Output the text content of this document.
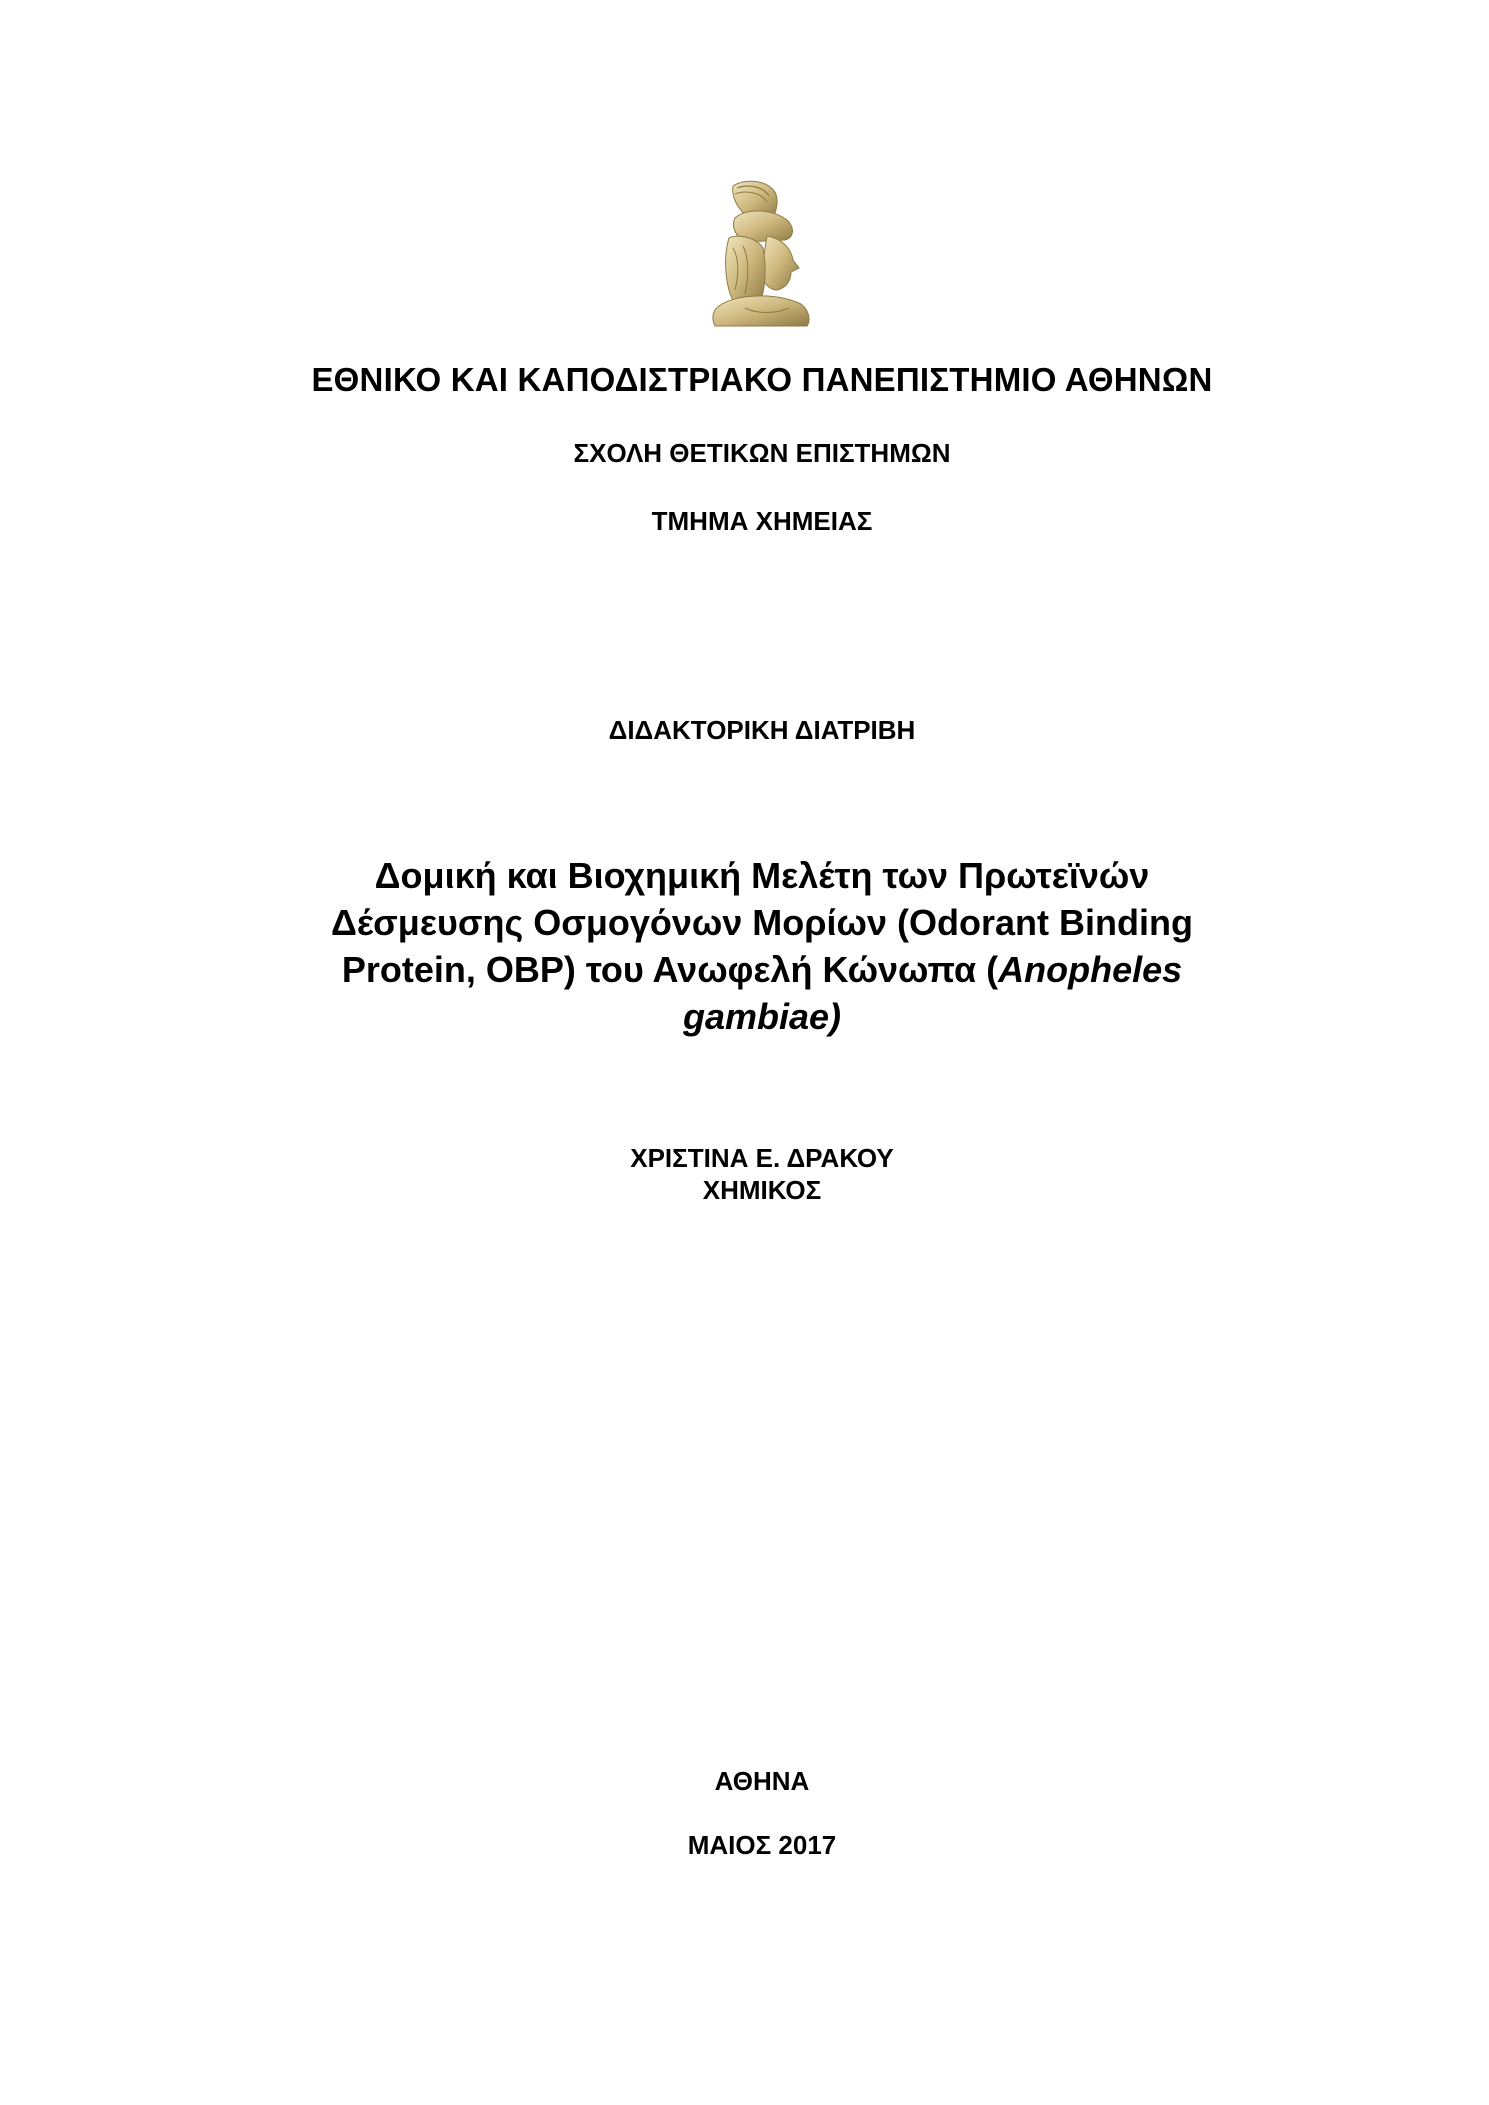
ΕΘΝΙΚΟ ΚΑΙ ΚΑΠΟΔΙΣΤΡΙΑΚΟ ΠΑΝΕΠΙΣΤΗΜΙΟ ΑΘΗΝΩΝ
ΣΧΟΛΗ ΘΕΤΙΚΩΝ ΕΠΙΣΤΗΜΩΝ
ΤΜΗΜΑ ΧΗΜΕΙΑΣ
ΔΙΔΑΚΤΟΡΙΚΗ ΔΙΑΤΡΙΒΗ
Δομική και Βιοχημική Μελέτη των Πρωτεϊνών Δέσμευσης Οσμογόνων Μορίων (Odorant Binding Protein, OBP) του Ανωφελή Κώνωπα (Anopheles gambiae)
ΧΡΙΣΤΙΝΑ Ε. ΔΡΑΚΟΥ
ΧΗΜΙΚΟΣ
ΑΘΗΝΑ
ΜΑΙΟΣ 2017
